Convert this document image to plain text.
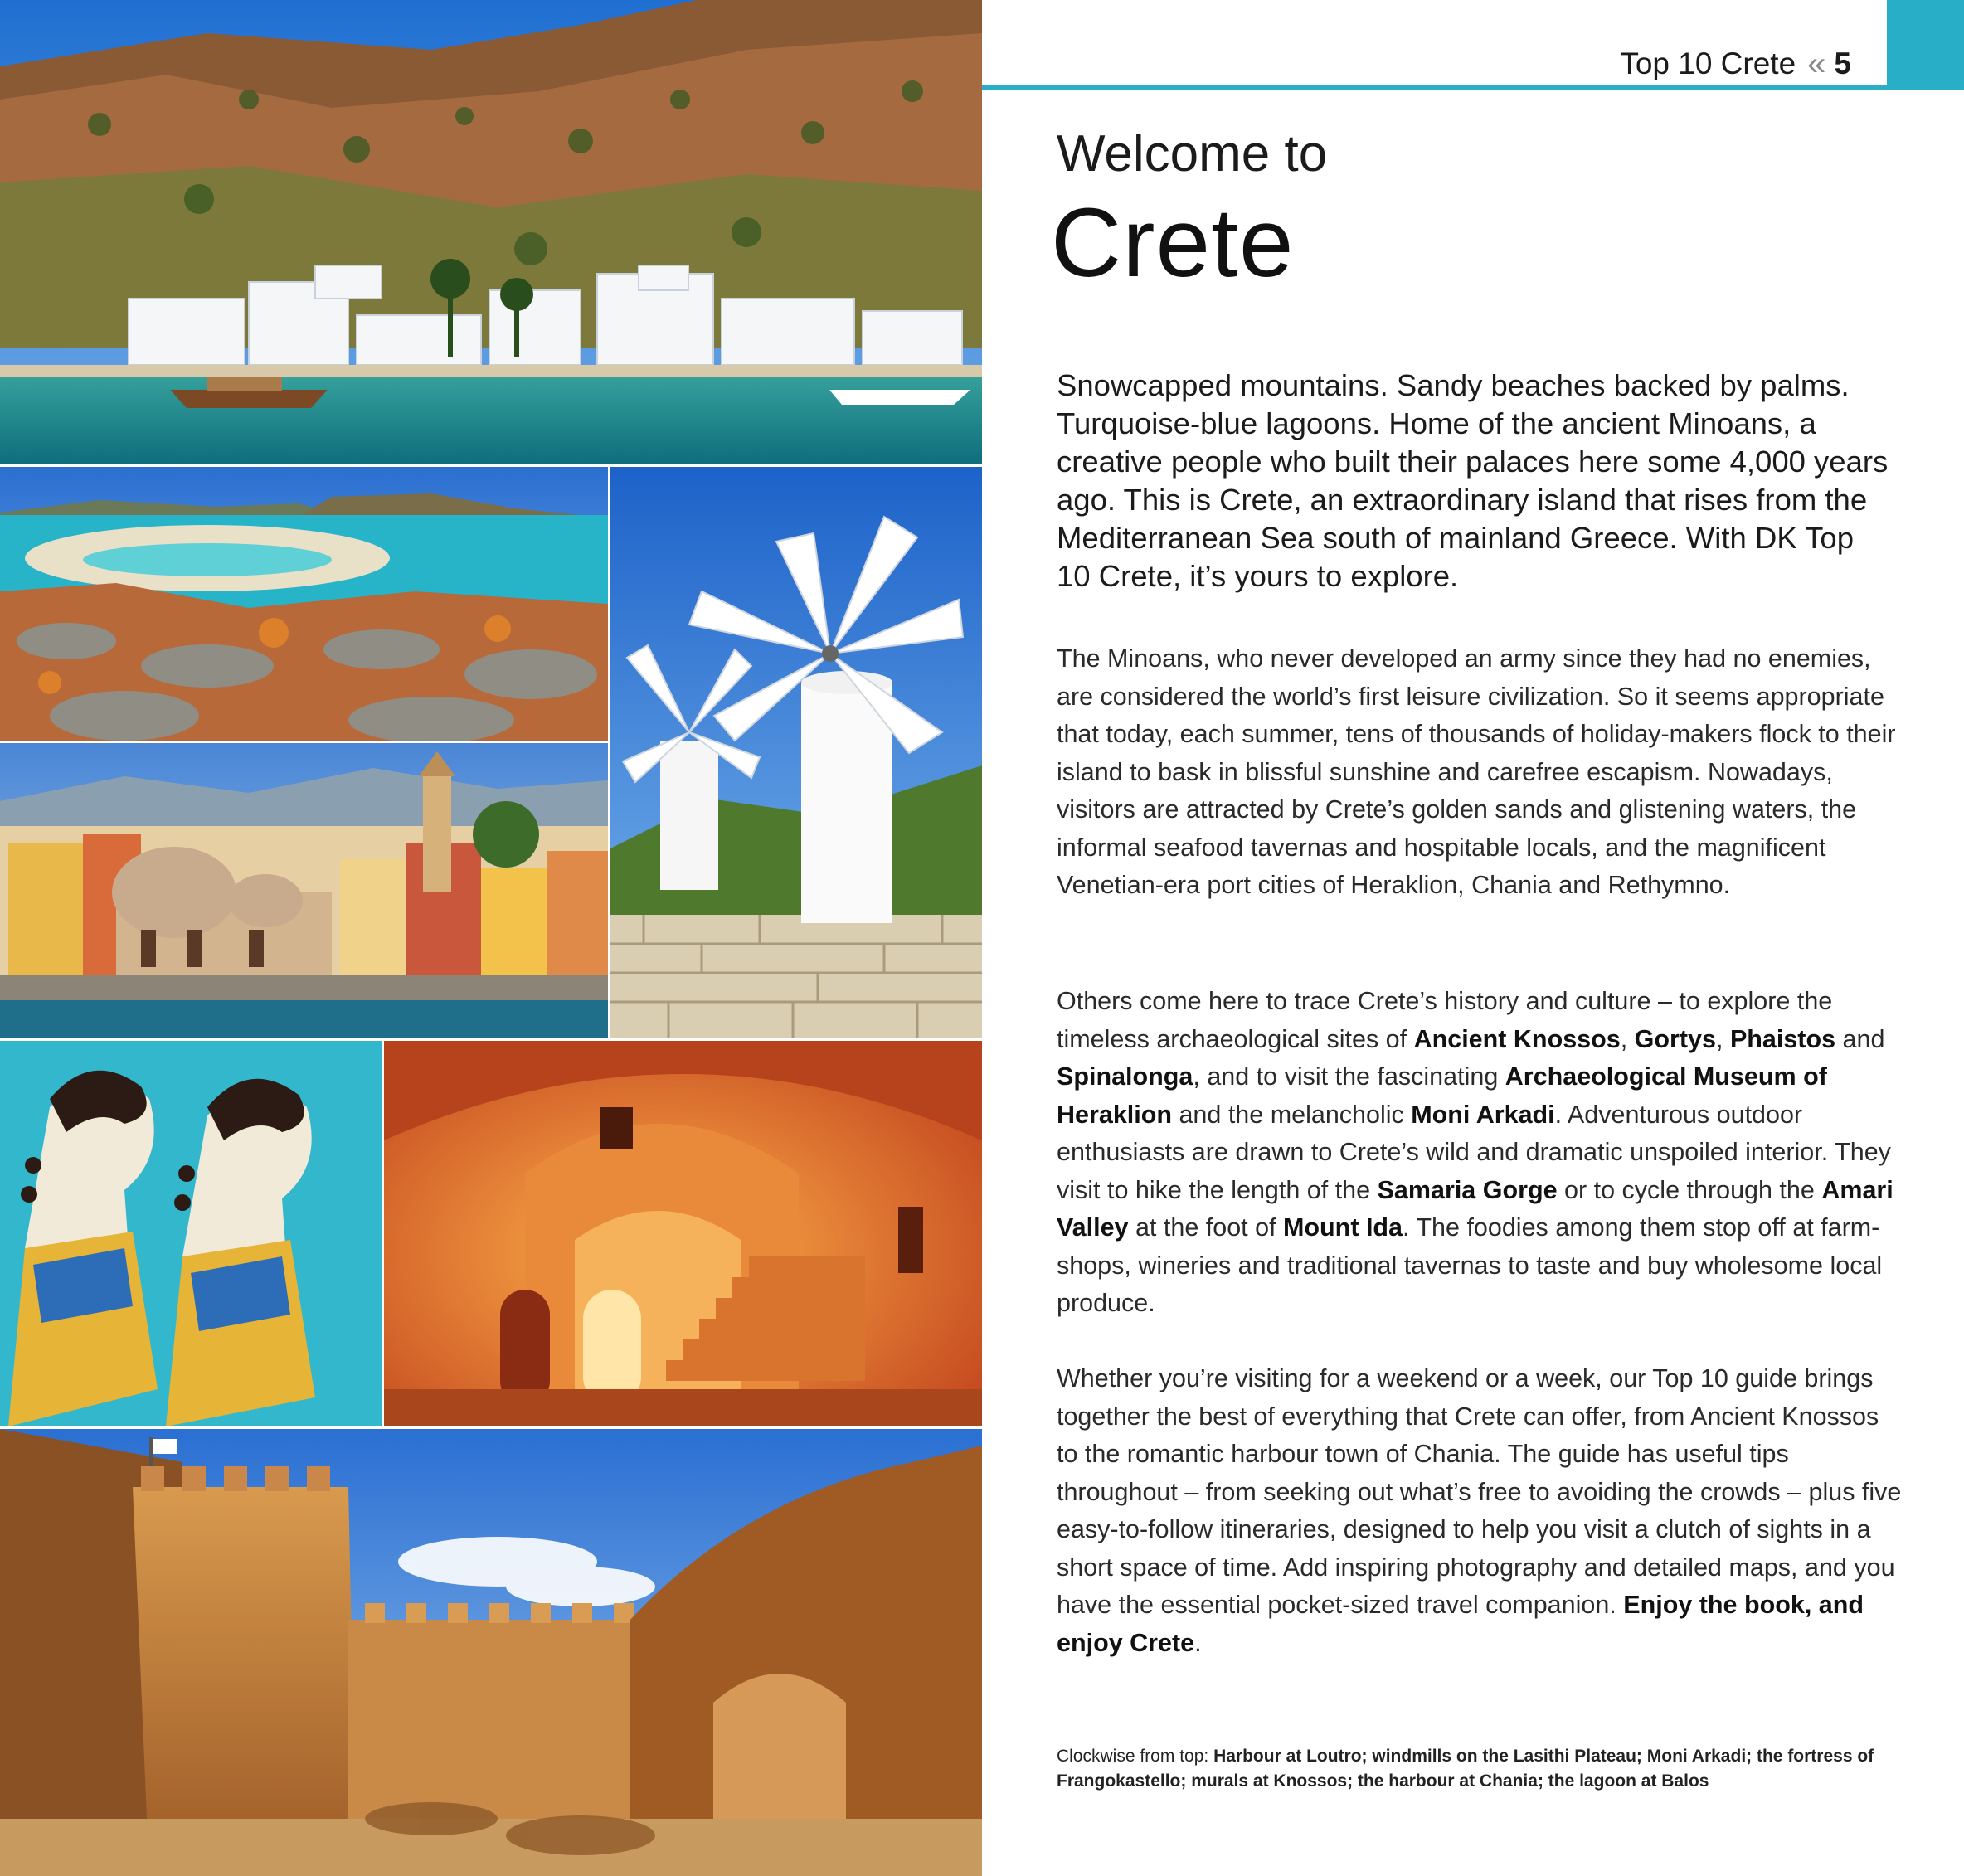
Top 10 Crete « 5
Welcome to
Crete
Snowcapped mountains. Sandy beaches backed by palms. Turquoise-blue lagoons. Home of the ancient Minoans, a creative people who built their palaces here some 4,000 years ago. This is Crete, an extraordinary island that rises from the Mediterranean Sea south of mainland Greece. With DK Top 10 Crete, it’s yours to explore.
The Minoans, who never developed an army since they had no enemies, are considered the world’s first leisure civilization. So it seems appropriate that today, each summer, tens of thousands of holiday-makers flock to their island to bask in blissful sunshine and carefree escapism. Nowadays, visitors are attracted by Crete’s golden sands and glistening waters, the informal seafood tavernas and hospitable locals, and the magnificent Venetian-era port cities of Heraklion, Chania and Rethymno.
Others come here to trace Crete’s history and culture – to explore the timeless archaeological sites of Ancient Knossos, Gortys, Phaistos and Spinalonga, and to visit the fascinating Archaeological Museum of Heraklion and the melancholic Moni Arkadi. Adventurous outdoor enthusiasts are drawn to Crete’s wild and dramatic unspoiled interior. They visit to hike the length of the Samaria Gorge or to cycle through the Amari Valley at the foot of Mount Ida. The foodies among them stop off at farm-shops, wineries and traditional tavernas to taste and buy wholesome local produce.
Whether you’re visiting for a weekend or a week, our Top 10 guide brings together the best of everything that Crete can offer, from Ancient Knossos to the romantic harbour town of Chania. The guide has useful tips throughout – from seeking out what’s free to avoiding the crowds – plus five easy-to-follow itineraries, designed to help you visit a clutch of sights in a short space of time. Add inspiring photography and detailed maps, and you have the essential pocket-sized travel companion. Enjoy the book, and enjoy Crete.
Clockwise from top: Harbour at Loutro; windmills on the Lasithi Plateau; Moni Arkadi; the fortress of Frangokastello; murals at Knossos; the harbour at Chania; the lagoon at Balos
